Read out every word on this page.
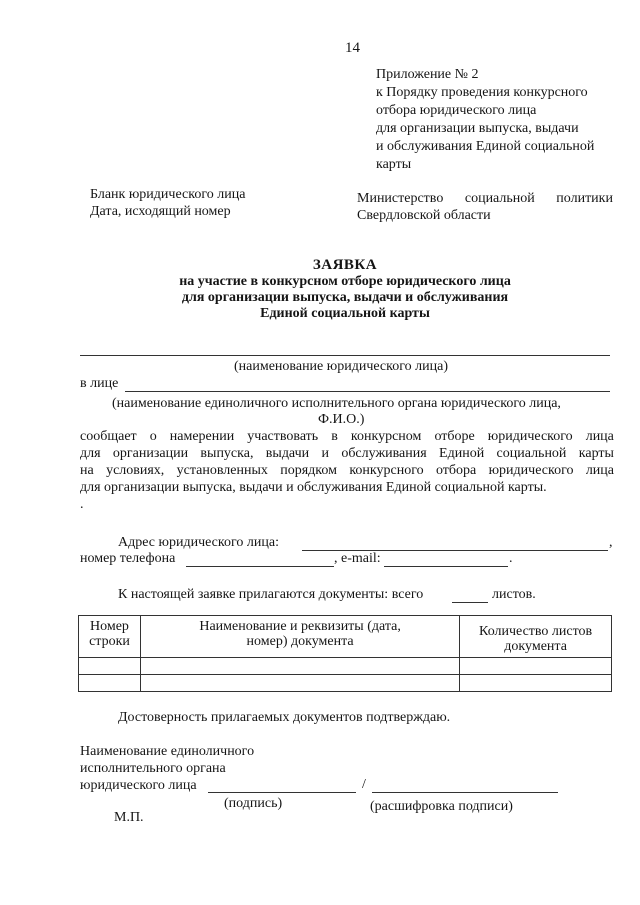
14
Приложение № 2
к Порядку проведения конкурсного
отбора юридического лица
для организации выпуска, выдачи
и обслуживания Единой социальной
карты
Бланк юридического лица
Дата, исходящий номер
Министерство социальной политики
Свердловской области
ЗАЯВКА
на участие в конкурсном отборе юридического лица
для организации выпуска, выдачи и обслуживания
Единой социальной карты
(наименование юридического лица)
в лице
(наименование единоличного исполнительного органа юридического лица,
Ф.И.О.)
сообщает о намерении участвовать в конкурсном отборе юридического лица
для организации выпуска, выдачи и обслуживания Единой социальной карты
на условиях, установленных порядком конкурсного отбора юридического лица
для организации выпуска, выдачи и обслуживания Единой социальной карты.
.
Адрес юридического лица:	,
номер телефона	, e-mail:	.
К настоящей заявке прилагаются документы: всего	листов.
Номер строки	Наименование и реквизиты (дата, номер) документа	Количество листов документа

Достоверность прилагаемых документов подтверждаю.
Наименование единоличного
исполнительного органа
юридического лица	/
(подпись)	(расшифровка подписи)
М.П.
